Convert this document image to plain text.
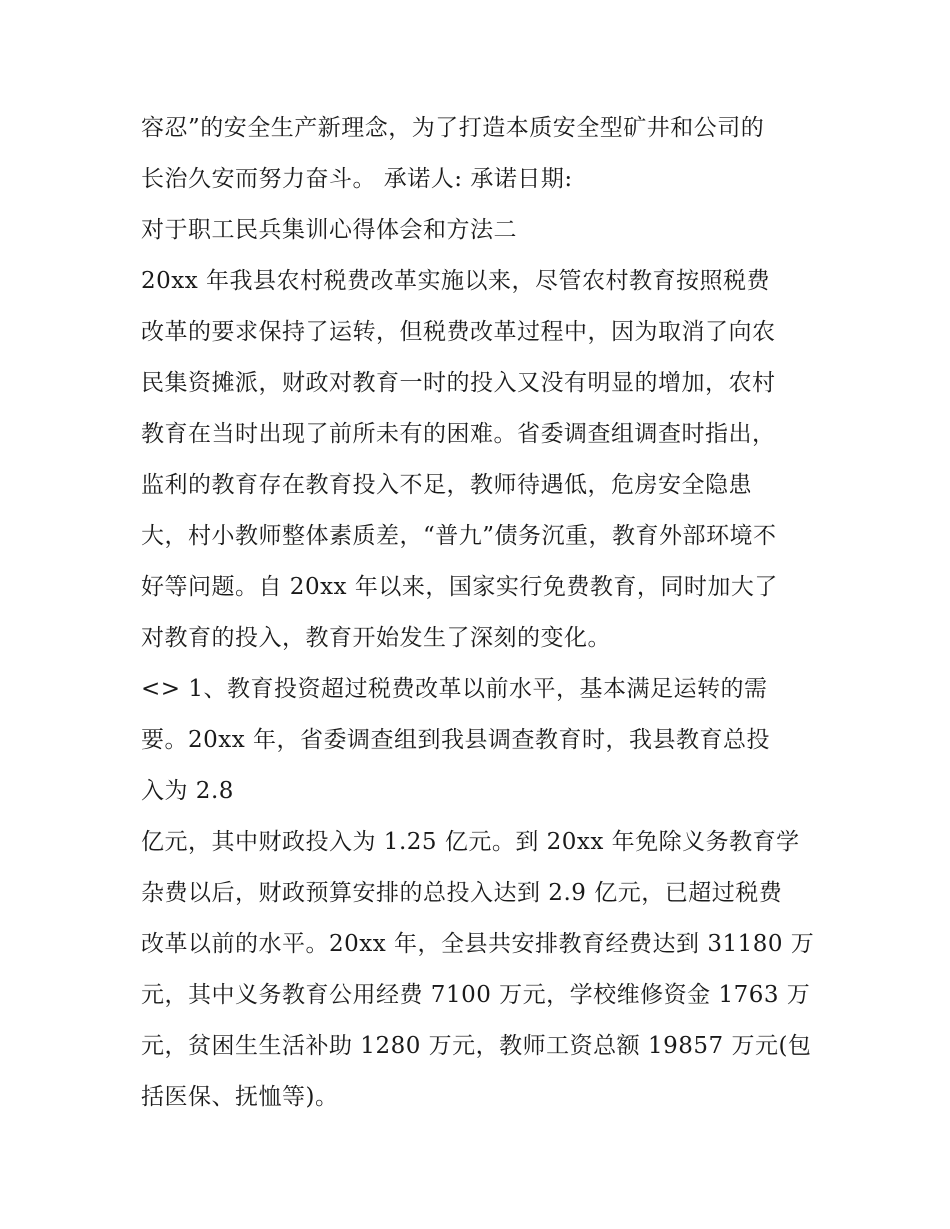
容忍”的安全生产新理念，为了打造本质安全型矿井和公司的
长治久安而努力奋斗。 承诺人: 承诺日期:
对于职工民兵集训心得体会和方法二
20xx 年我县农村税费改革实施以来，尽管农村教育按照税费
改革的要求保持了运转，但税费改革过程中，因为取消了向农
民集资摊派，财政对教育一时的投入又没有明显的增加，农村
教育在当时出现了前所未有的困难。省委调查组调查时指出，
监利的教育存在教育投入不足，教师待遇低，危房安全隐患
大，村小教师整体素质差，“普九”债务沉重，教育外部环境不
好等问题。自 20xx 年以来，国家实行免费教育，同时加大了
对教育的投入，教育开始发生了深刻的变化。
<> 1、教育投资超过税费改革以前水平，基本满足运转的需
要。20xx 年，省委调查组到我县调查教育时，我县教育总投
入为 2.8
亿元，其中财政投入为 1.25 亿元。到 20xx 年免除义务教育学
杂费以后，财政预算安排的总投入达到 2.9 亿元，已超过税费
改革以前的水平。20xx 年，全县共安排教育经费达到 31180 万
元，其中义务教育公用经费 7100 万元，学校维修资金 1763 万
元，贫困生生活补助 1280 万元，教师工资总额 19857 万元(包
括医保、抚恤等)。
